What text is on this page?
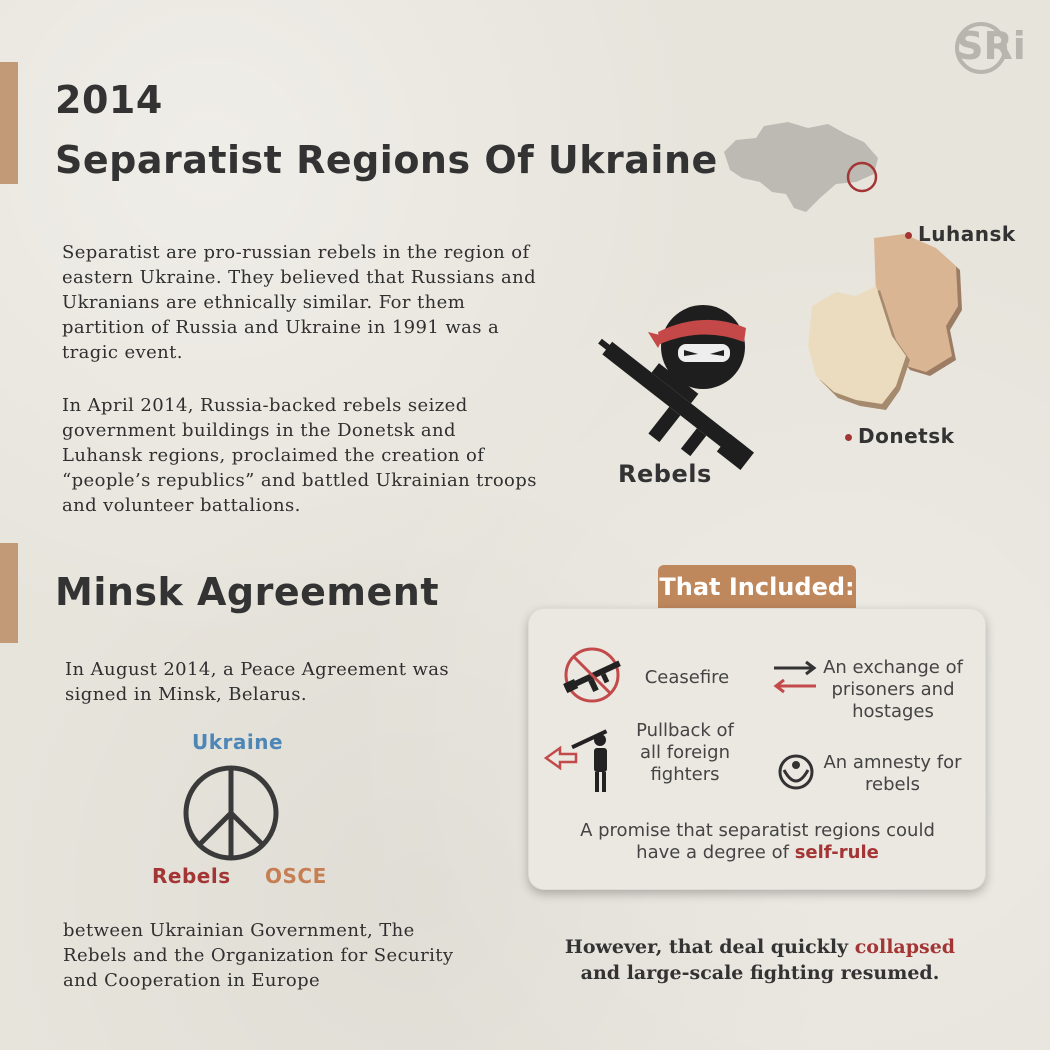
SRi
2014
Separatist Regions Of Ukraine
Separatist are pro-russian rebels in the region of eastern Ukraine. They believed that Russians and Ukranians are ethnically similar. For them partition of Russia and Ukraine in 1991 was a tragic event.
In April 2014, Russia-backed rebels seized government buildings in the Donetsk and Luhansk regions, proclaimed the creation of “people’s republics” and battled Ukrainian troops and volunteer battalions.
Rebels
Luhansk
Donetsk
Minsk Agreement
In August 2014, a Peace Agreement was signed in Minsk, Belarus.
Ukraine
Rebels OSCE
between Ukrainian Government, The Rebels and the Organization for Security and Cooperation in Europe
That Included:
Ceasefire	An exchange of prisoners and hostages
Pullback of all foreign fighters
An amnesty for rebels
A promise that separatist regions could have a degree of self-rule
However, that deal quickly collapsed
and large-scale fighting resumed.
